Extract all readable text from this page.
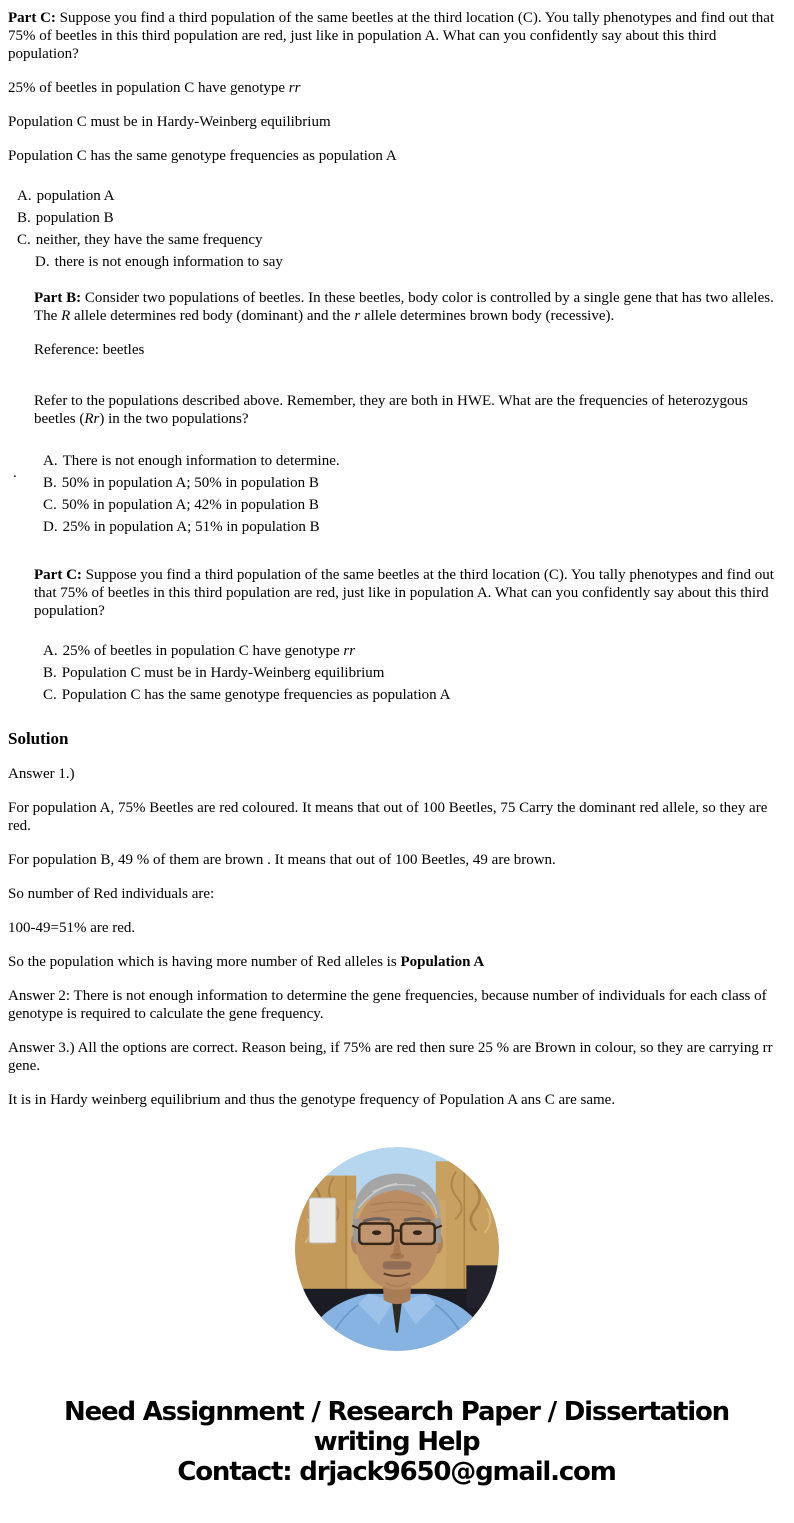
Part C: Suppose you find a third population of the same beetles at the third location (C). You tally phenotypes and find out that 75% of beetles in this third population are red, just like in population A. What can you confidently say about this third population?

25% of beetles in population C have genotype rr

Population C must be in Hardy-Weinberg equilibrium

Population C has the same genotype frequencies as population A

A. population A
B. population B
C. neither, they have the same frequency
D. there is not enough information to say
.

Part B: Consider two populations of beetles. In these beetles, body color is controlled by a single gene that has two alleles. The R allele determines red body (dominant) and the r allele determines brown body (recessive).

Reference: beetles

Refer to the populations described above. Remember, they are both in HWE. What are the frequencies of heterozygous beetles (Rr) in the two populations?

A. There is not enough information to determine.
B. 50% in population A; 50% in population B
C. 50% in population A; 42% in population B
D. 25% in population A; 51% in population B

Part C: Suppose you find a third population of the same beetles at the third location (C). You tally phenotypes and find out that 75% of beetles in this third population are red, just like in population A. What can you confidently say about this third population?

A. 25% of beetles in population C have genotype rr
B. Population C must be in Hardy-Weinberg equilibrium
C. Population C has the same genotype frequencies as population A
Solution

Answer 1.)

For population A, 75% Beetles are red coloured. It means that out of 100 Beetles, 75 Carry the dominant red allele, so they are red.

For population B, 49 % of them are brown . It means that out of 100 Beetles, 49 are brown.

So number of Red individuals are:

100-49=51% are red.

So the population which is having more number of Red alleles is Population A

Answer 2: There is not enough information to determine the gene frequencies, because number of individuals for each class of genotype is required to calculate the gene frequency.

Answer 3.) All the options are correct. Reason being, if 75% are red then sure 25 % are Brown in colour, so they are carrying rr gene.

It is in Hardy weinberg equilibrium and thus the genotype frequency of Population A ans C are same.

Need Assignment / Research Paper / Dissertation
writing Help
Contact: drjack9650@gmail.com
